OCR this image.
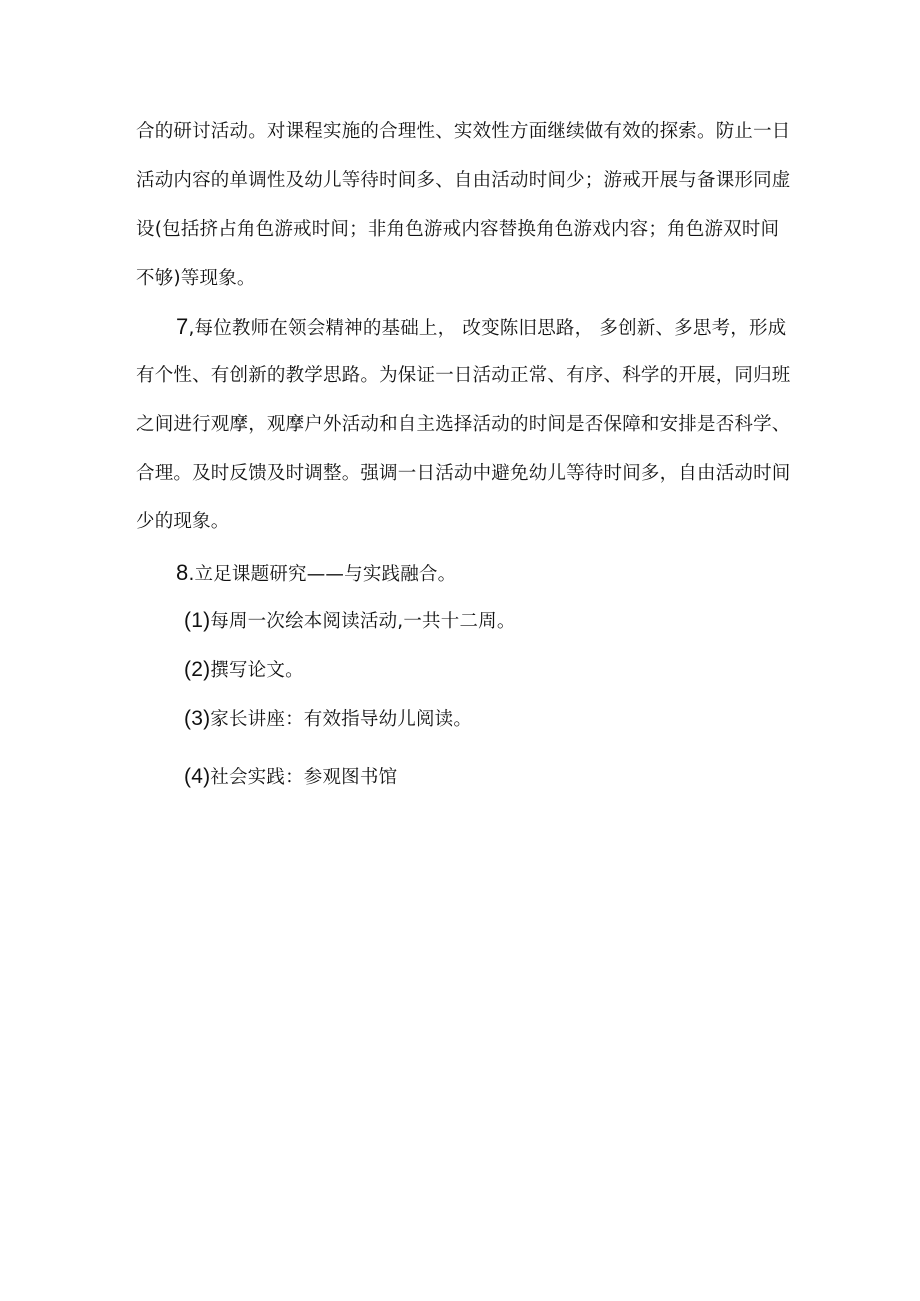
合的研讨活动。对课程实施的合理性、实效性方面继续做有效的探索。防止一日
活动内容的单调性及幼儿等待时间多、自由活动时间少；游戒开展与备课形同虚
设(包括挤占角色游戒时间；非角色游戒内容替换角色游戏内容；角色游双时间
不够)等现象。
7,每位教师在领会精神的基础上， 改变陈旧思路， 多创新、多思考，形成
有个性、有创新的教学思路。为保证一日活动正常、有序、科学的开展，同归班
之间进行观摩，观摩户外活动和自主选择活动的时间是否保障和安排是否科学、
合理。及时反馈及时调整。强调一日活动中避免幼儿等待时间多，自由活动时间
少的现象。
8.立足课题研究——与实践融合。
(1)每周一次绘本阅读活动,一共十二周。
(2)撰写论文。
(3)家长讲座：有效指导幼儿阅读。
(4)社会实践：参观图书馆
